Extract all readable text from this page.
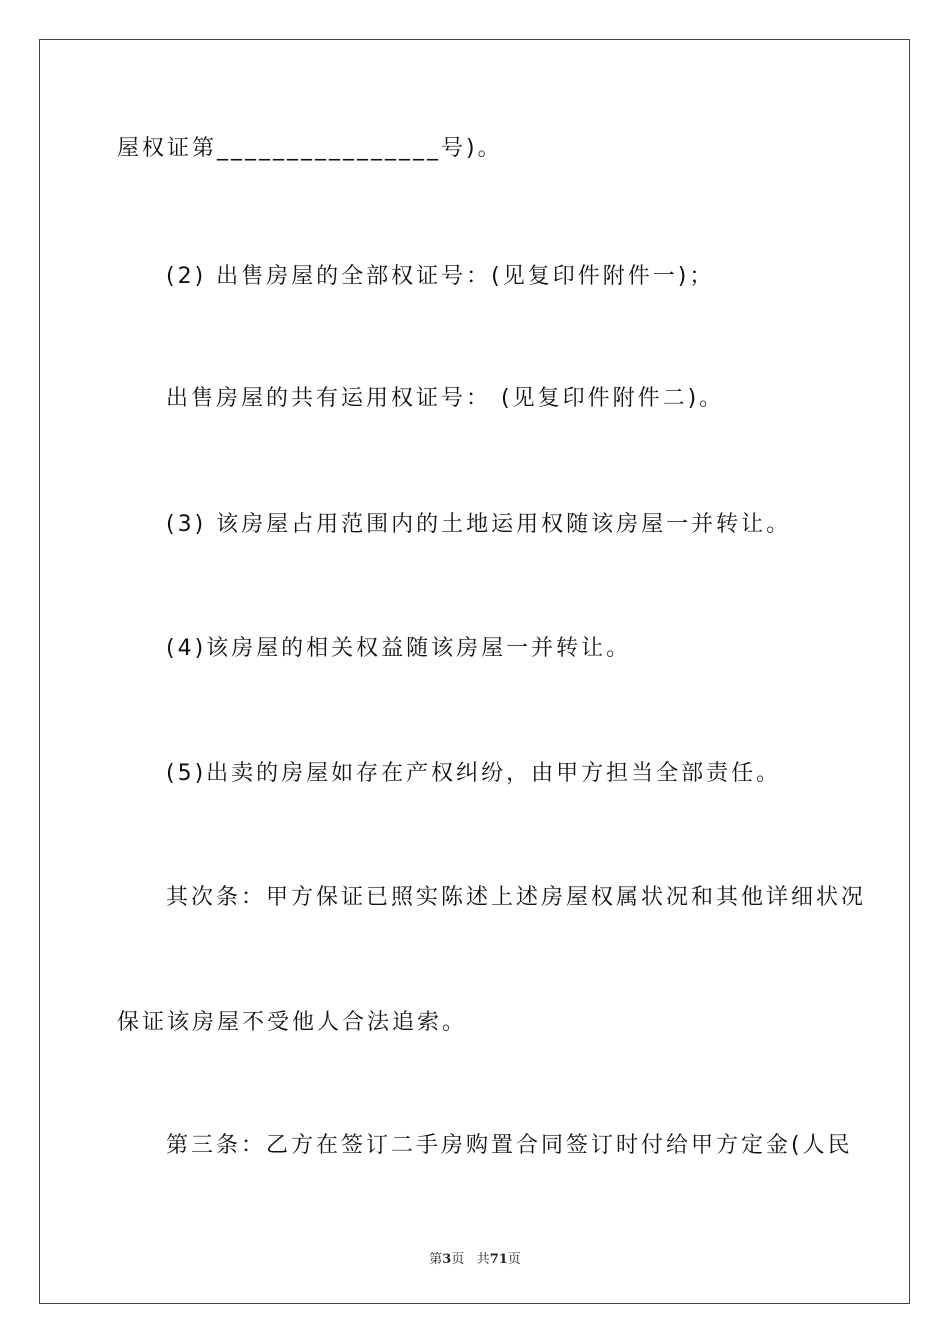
屋权证第________________号)。
(2) 出售房屋的全部权证号：(见复印件附件一)；
出售房屋的共有运用权证号： (见复印件附件二)。
(3) 该房屋占用范围内的土地运用权随该房屋一并转让。
(4)该房屋的相关权益随该房屋一并转让。
(5)出卖的房屋如存在产权纠纷，由甲方担当全部责任。
其次条：甲方保证已照实陈述上述房屋权属状况和其他详细状况
保证该房屋不受他人合法追索。
第三条：乙方在签订二手房购置合同签订时付给甲方定金(人民
第3页 共71页
